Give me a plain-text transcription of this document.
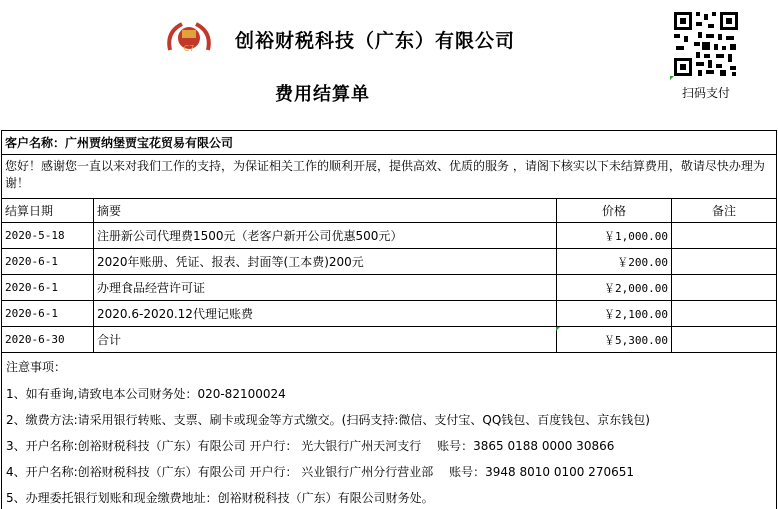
C7 创裕财税科技（广东）有限公司
费用结算单	扫码支付
客户名称： 广州贾纳堡贾宝花贸易有限公司
您好！感谢您一直以来对我们工作的支持，为保证相关工作的顺利开展，提供高效、优质的服务 ，请阁下核实以下未结算费用，敬请尽快办理为谢！
结算日期	摘要	价格	备注
2020-5-18	注册新公司代理费1500元（老客户新开公司优惠500元）	￥1,000.00
2020-6-1	2020年账册、凭证、报表、封面等(工本费)200元	￥200.00
2020-6-1	办理食品经营许可证	￥2,000.00
2020-6-1	2020.6-2020.12代理记账费	￥2,100.00
2020-6-30	合计	￥5,300.00
注意事项：
1、如有垂询,请致电本公司财务处：020-82100024
2、缴费方法:请采用银行转账、支票、刷卡或现金等方式缴交。(扫码支持:微信、支付宝、QQ钱包、百度钱包、京东钱包)
3、开户名称:创裕财税科技（广东）有限公司 开户行： 光大银行广州天河支行　 账号：3865 0188 0000 30866
4、开户名称:创裕财税科技（广东）有限公司 开户行： 兴业银行广州分行营业部　 账号：3948 8010 0100 270651
5、办理委托银行划账和现金缴费地址：创裕财税科技（广东）有限公司财务处。
